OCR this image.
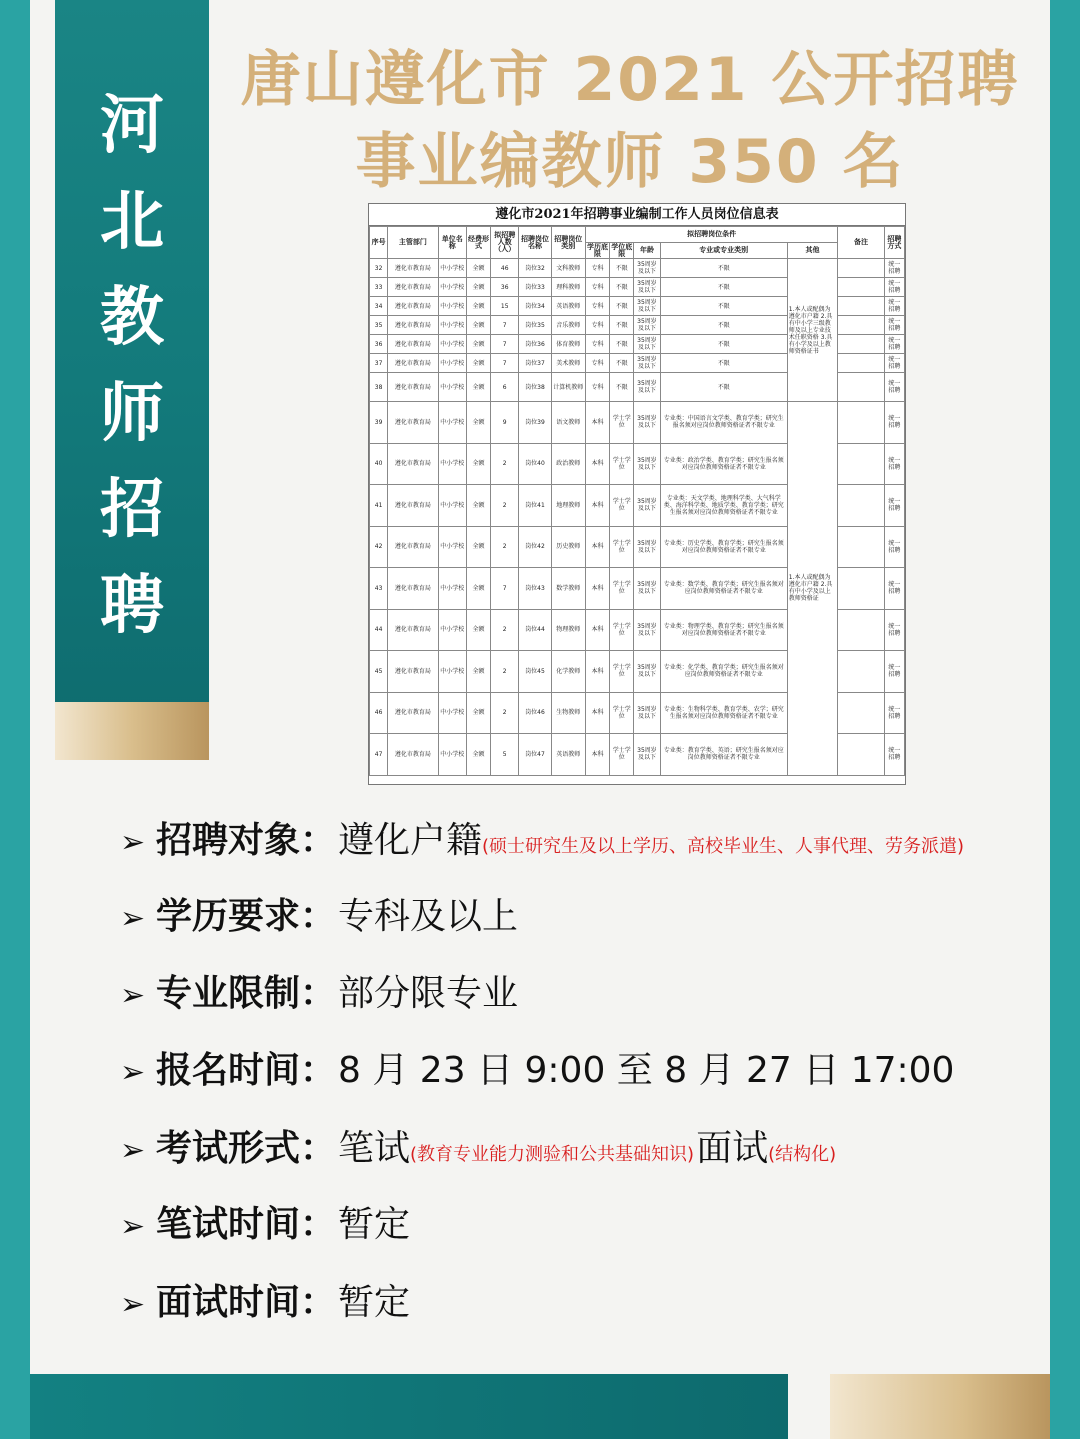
河
北
教
师
招
聘
唐山遵化市 2021 公开招聘
事业编教师 350 名
遵化市2021年招聘事业编制工作人员岗位信息表
序号	主管部门	单位名称	经费形式	拟招聘人数（人）	招聘岗位名称	招聘岗位类别	拟招聘岗位条件					备注	招聘方式
							学历底限	学位底限	年龄	专业或专业类别	其他		
32	遵化市教育局	中小学校	全额	46	岗位32	文科教师	专科	不限	35周岁及以下	不限	1.本人或配偶为遵化市户籍 2.具有中小学三级教师及以上专业技术任职资格 3.具有小学及以上教师资格证书		统一招聘
33	遵化市教育局	中小学校	全额	36	岗位33	理科教师	专科	不限	35周岁及以下	不限			统一招聘
34	遵化市教育局	中小学校	全额	15	岗位34	英语教师	专科	不限	35周岁及以下	不限			统一招聘
35	遵化市教育局	中小学校	全额	7	岗位35	音乐教师	专科	不限	35周岁及以下	不限			统一招聘
36	遵化市教育局	中小学校	全额	7	岗位36	体育教师	专科	不限	35周岁及以下	不限			统一招聘
37	遵化市教育局	中小学校	全额	7	岗位37	美术教师	专科	不限	35周岁及以下	不限			统一招聘
38	遵化市教育局	中小学校	全额	6	岗位38	计算机教师	专科	不限	35周岁及以下	不限			统一招聘
39	遵化市教育局	中小学校	全额	9	岗位39	语文教师	本科	学士学位	35周岁及以下	专业类：中国语言文学类、教育学类；研究生报名须对应岗位教师资格证者不限专业	1.本人或配偶为遵化市户籍 2.具有中小学及以上教师资格证		统一招聘
40	遵化市教育局	中小学校	全额	2	岗位40	政治教师	本科	学士学位	35周岁及以下	专业类：政治学类、教育学类；研究生报名须对应岗位教师资格证者不限专业			统一招聘
41	遵化市教育局	中小学校	全额	2	岗位41	地理教师	本科	学士学位	35周岁及以下	专业类：天文学类、地理科学类、大气科学类、海洋科学类、地质学类、教育学类；研究生报名须对应岗位教师资格证者不限专业			统一招聘
42	遵化市教育局	中小学校	全额	2	岗位42	历史教师	本科	学士学位	35周岁及以下	专业类：历史学类、教育学类；研究生报名须对应岗位教师资格证者不限专业			统一招聘
43	遵化市教育局	中小学校	全额	7	岗位43	数学教师	本科	学士学位	35周岁及以下	专业类：数学类、教育学类；研究生报名须对应岗位教师资格证者不限专业			统一招聘
44	遵化市教育局	中小学校	全额	2	岗位44	物理教师	本科	学士学位	35周岁及以下	专业类：物理学类、教育学类；研究生报名须对应岗位教师资格证者不限专业			统一招聘
45	遵化市教育局	中小学校	全额	2	岗位45	化学教师	本科	学士学位	35周岁及以下	专业类：化学类、教育学类；研究生报名须对应岗位教师资格证者不限专业			统一招聘
46	遵化市教育局	中小学校	全额	2	岗位46	生物教师	本科	学士学位	35周岁及以下	专业类：生物科学类、教育学类、农学；研究生报名须对应岗位教师资格证者不限专业			统一招聘
47	遵化市教育局	中小学校	全额	5	岗位47	英语教师	本科	学士学位	35周岁及以下	专业类：教育学类、英语；研究生报名须对应岗位教师资格证者不限专业			统一招聘
➢ 招聘对象： 遵化户籍 (硕士研究生及以上学历、高校毕业生、人事代理、劳务派遣)
➢ 学历要求： 专科及以上
➢ 专业限制： 部分限专业
➢ 报名时间： 8 月 23 日 9:00 至 8 月 27 日 17:00
➢ 考试形式： 笔试 (教育专业能力测验和公共基础知识) 面试 (结构化)
➢ 笔试时间： 暂定
➢ 面试时间： 暂定
